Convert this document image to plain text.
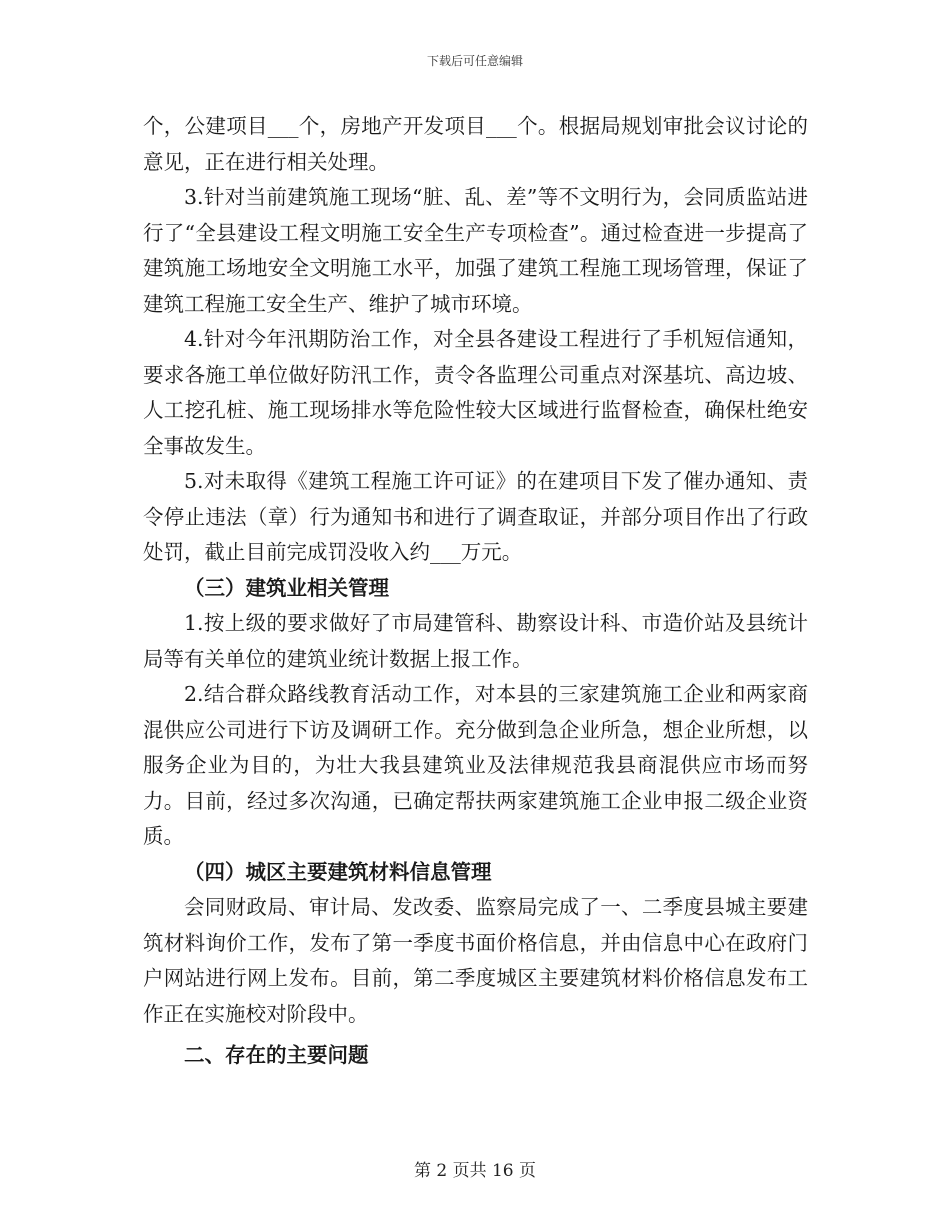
下载后可任意编辑

个，公建项目___个，房地产开发项目___个。根据局规划审批会议讨论的意见，正在进行相关处理。

3.针对当前建筑施工现场“脏、乱、差”等不文明行为，会同质监站进行了“全县建设工程文明施工安全生产专项检查”。通过检查进一步提高了建筑施工场地安全文明施工水平，加强了建筑工程施工现场管理，保证了建筑工程施工安全生产、维护了城市环境。

4.针对今年汛期防治工作，对全县各建设工程进行了手机短信通知，要求各施工单位做好防汛工作，责令各监理公司重点对深基坑、高边坡、人工挖孔桩、施工现场排水等危险性较大区域进行监督检查，确保杜绝安全事故发生。

5.对未取得《建筑工程施工许可证》的在建项目下发了催办通知、责令停止违法（章）行为通知书和进行了调查取证，并部分项目作出了行政处罚，截止目前完成罚没收入约___万元。

（三）建筑业相关管理

1.按上级的要求做好了市局建管科、勘察设计科、市造价站及县统计局等有关单位的建筑业统计数据上报工作。

2.结合群众路线教育活动工作，对本县的三家建筑施工企业和两家商混供应公司进行下访及调研工作。充分做到急企业所急，想企业所想，以服务企业为目的，为壮大我县建筑业及法律规范我县商混供应市场而努力。目前，经过多次沟通，已确定帮扶两家建筑施工企业申报二级企业资质。

（四）城区主要建筑材料信息管理

会同财政局、审计局、发改委、监察局完成了一、二季度县城主要建筑材料询价工作，发布了第一季度书面价格信息，并由信息中心在政府门户网站进行网上发布。目前，第二季度城区主要建筑材料价格信息发布工作正在实施校对阶段中。

二、存在的主要问题

第 2 页共 16 页
